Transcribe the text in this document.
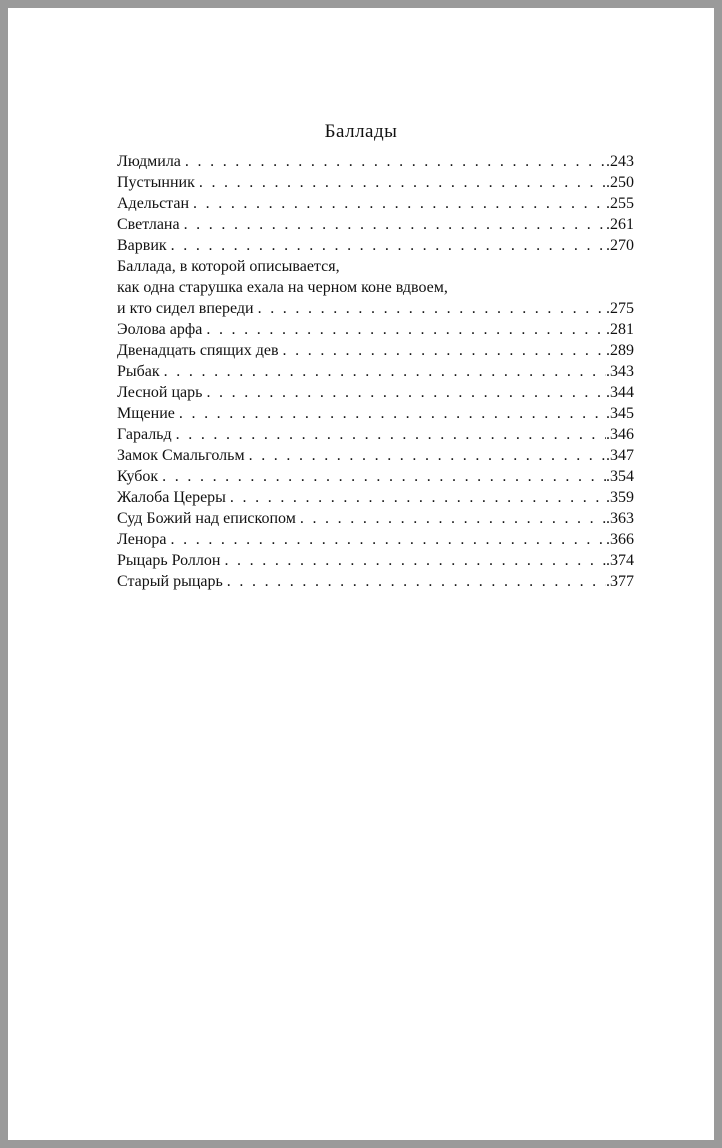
Баллады
Людмила . . .	.243
Пустынник . . .	.250
Адельстан . . .	.255
Светлана . . .	.261
Варвик . . .	.270
Баллада, в которой описывается,
как одна старушка ехала на черном коне вдвоем,
и кто сидел впереди . . .	.275
Эолова арфа . . .	.281
Двенадцать спящих дев . . .	.289
Рыбак . . .	.343
Лесной царь . . .	.344
Мщение . . .	.345
Гаральд . . .	.346
Замок Смальгольм . . .	.347
Кубок . . .	.354
Жалоба Цереры . . .	.359
Суд Божий над епископом . . .	.363
Ленора . . .	.366
Рыцарь Роллон . . .	.374
Старый рыцарь . . .	.377
